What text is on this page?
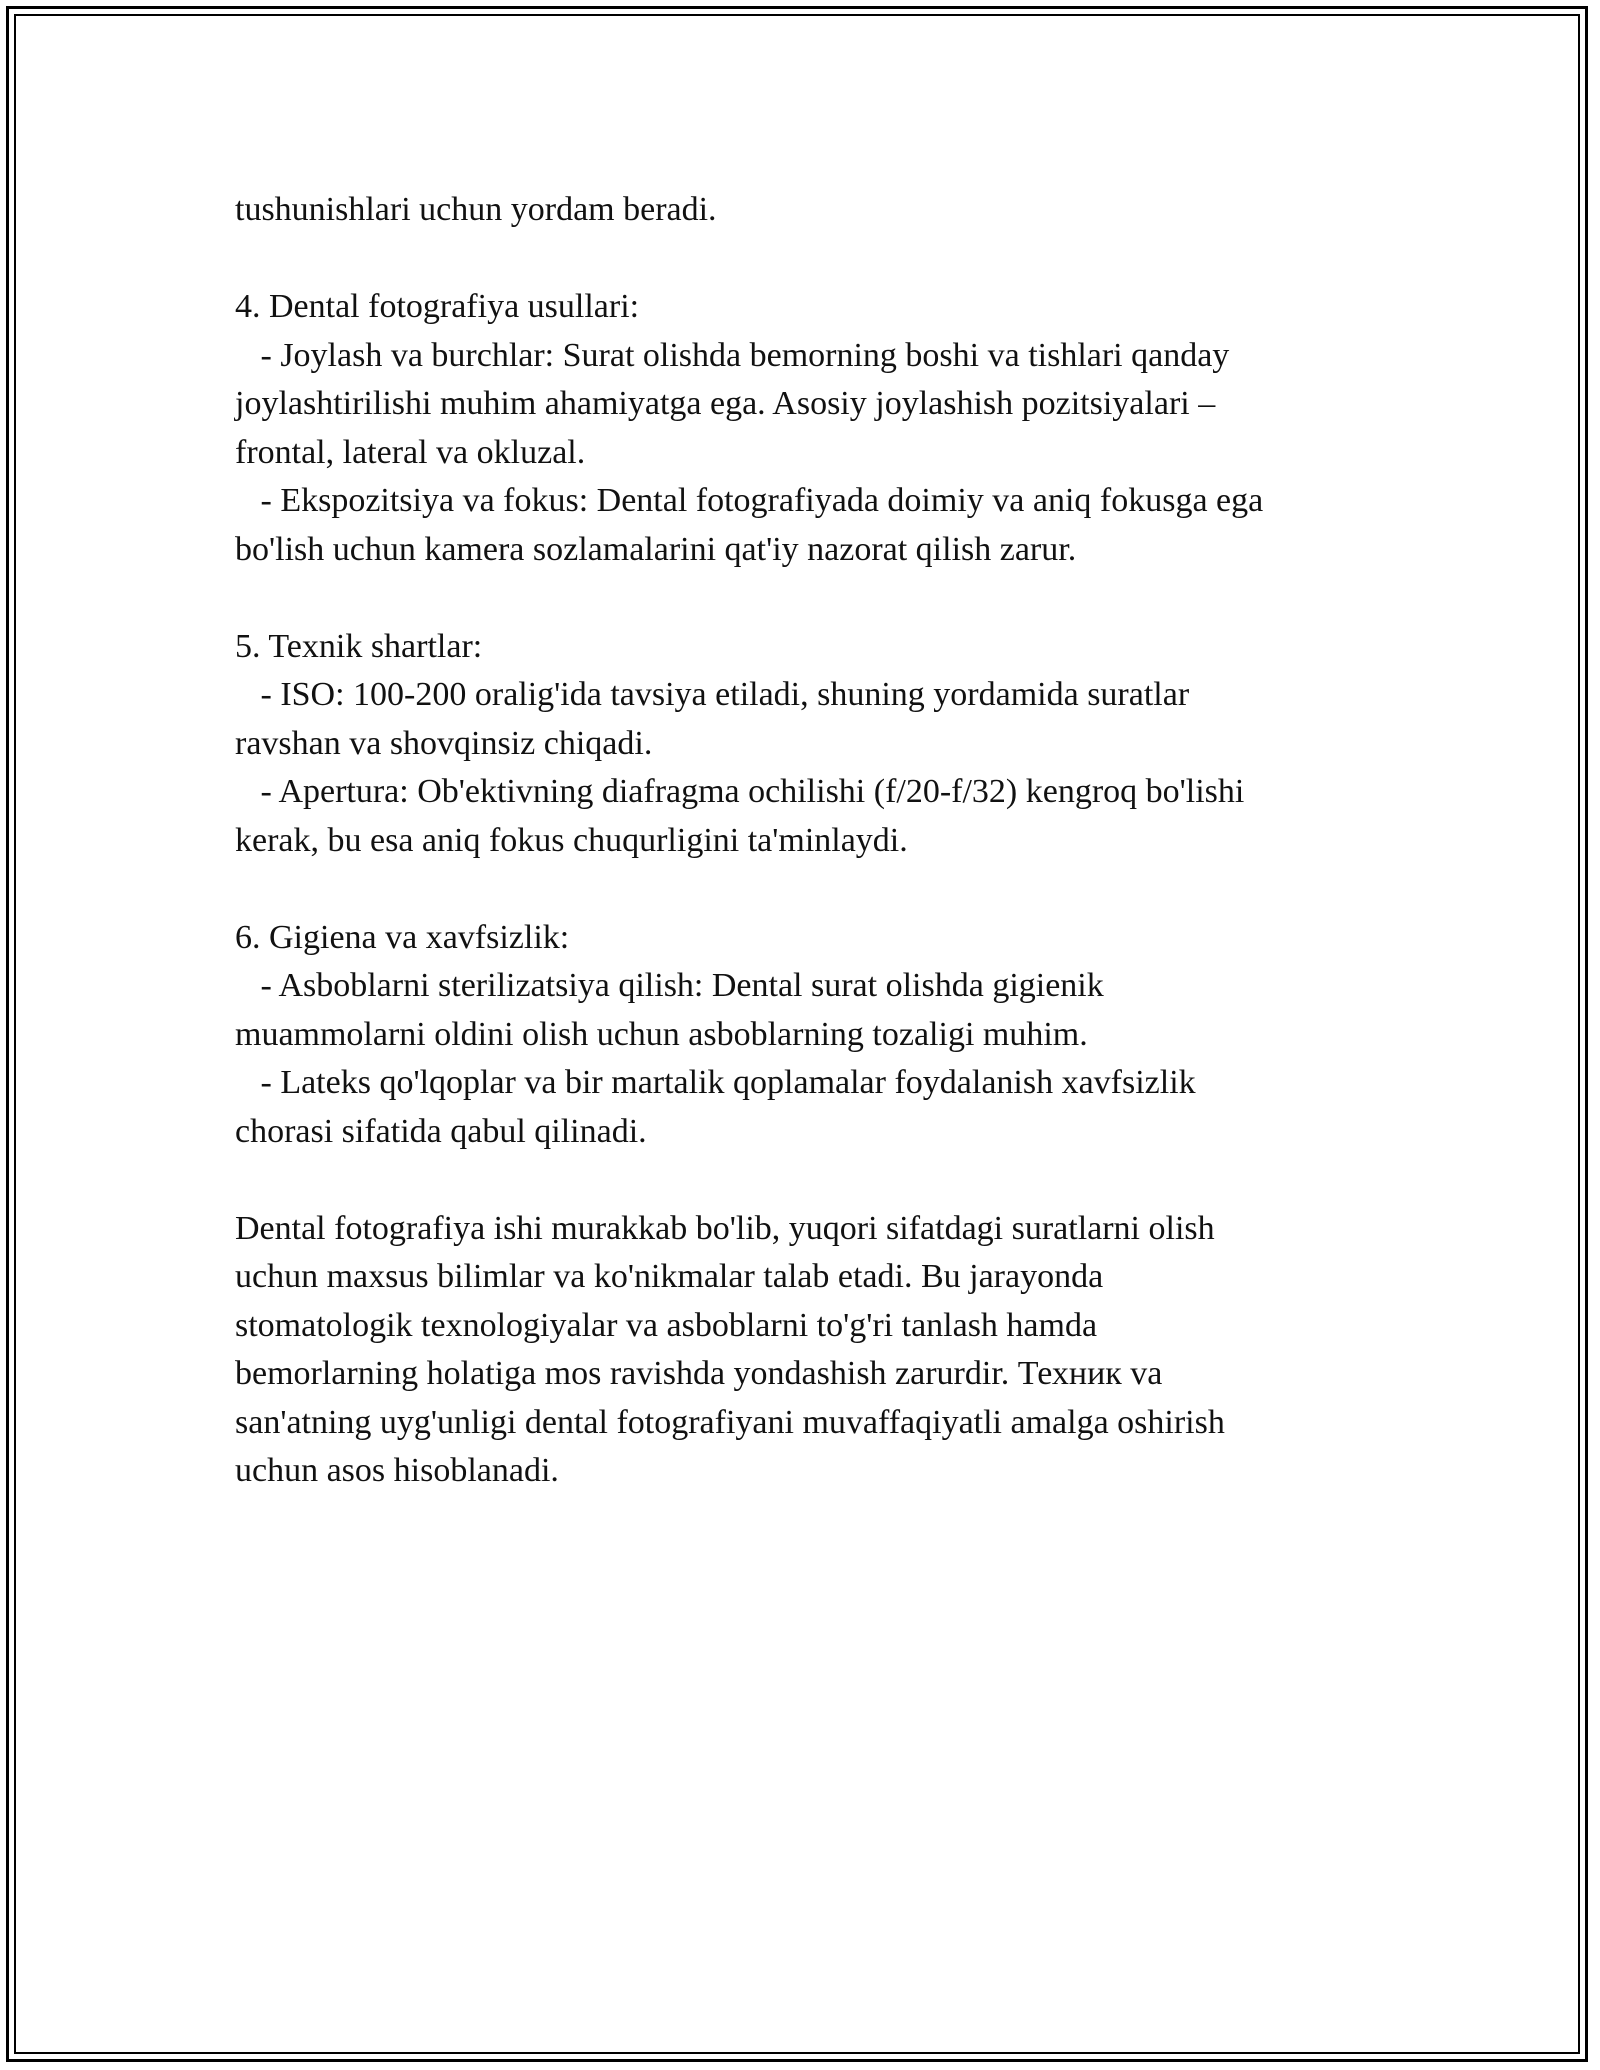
tushunishlari uchun yordam beradi.
4. Dental fotografiya usullari:
- Joylash va burchlar: Surat olishda bemorning boshi va tishlari qanday
joylashtirilishi muhim ahamiyatga ega. Asosiy joylashish pozitsiyalari –
frontal, lateral va okluzal.
- Ekspozitsiya va fokus: Dental fotografiyada doimiy va aniq fokusga ega
bo'lish uchun kamera sozlamalarini qat'iy nazorat qilish zarur.
5. Texnik shartlar:
- ISO: 100-200 oralig'ida tavsiya etiladi, shuning yordamida suratlar
ravshan va shovqinsiz chiqadi.
- Apertura: Ob'ektivning diafragma ochilishi (f/20-f/32) kengroq bo'lishi
kerak, bu esa aniq fokus chuqurligini ta'minlaydi.
6. Gigiena va xavfsizlik:
- Asboblarni sterilizatsiya qilish: Dental surat olishda gigienik
muammolarni oldini olish uchun asboblarning tozaligi muhim.
- Lateks qo'lqoplar va bir martalik qoplamalar foydalanish xavfsizlik
chorasi sifatida qabul qilinadi.
Dental fotografiya ishi murakkab bo'lib, yuqori sifatdagi suratlarni olish
uchun maxsus bilimlar va ko'nikmalar talab etadi. Bu jarayonda
stomatologik texnologiyalar va asboblarni to'g'ri tanlash hamda
bemorlarning holatiga mos ravishda yondashish zarurdir. Техник va
san'atning uyg'unligi dental fotografiyani muvaffaqiyatli amalga oshirish
uchun asos hisoblanadi.
